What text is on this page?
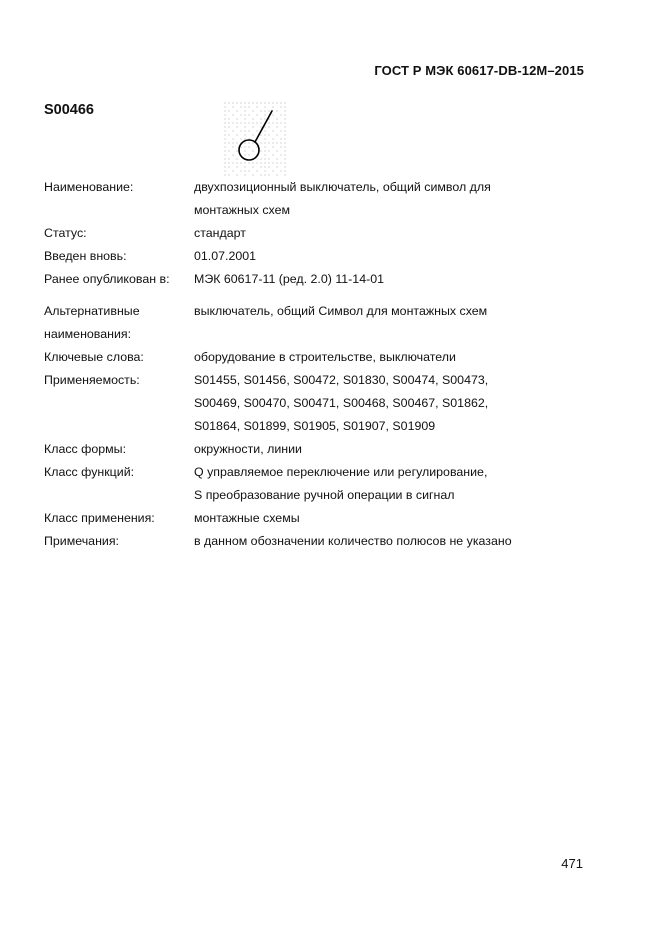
ГОСТ Р МЭК 60617-DB-12M–2015
S00466
Наименование:	двухпозиционный выключатель, общий символ для
монтажных схем
Статус:	стандарт
Введен вновь:	01.07.2001
Ранее опубликован в:	МЭК 60617-11 (ред. 2.0) 11-14-01
Альтернативные
наименования:
выключатель, общий Символ для монтажных схем
Ключевые слова:	оборудование в строительстве, выключатели
Применяемость:	S01455, S01456, S00472, S01830, S00474, S00473,
S00469, S00470, S00471, S00468, S00467, S01862,
S01864, S01899, S01905, S01907, S01909
Класс формы:	окружности, линии
Класс функций:	Q управляемое переключение или регулирование,
S преобразование ручной операции в сигнал
Класс применения:	монтажные схемы
Примечания:	в данном обозначении количество полюсов не указано
471
